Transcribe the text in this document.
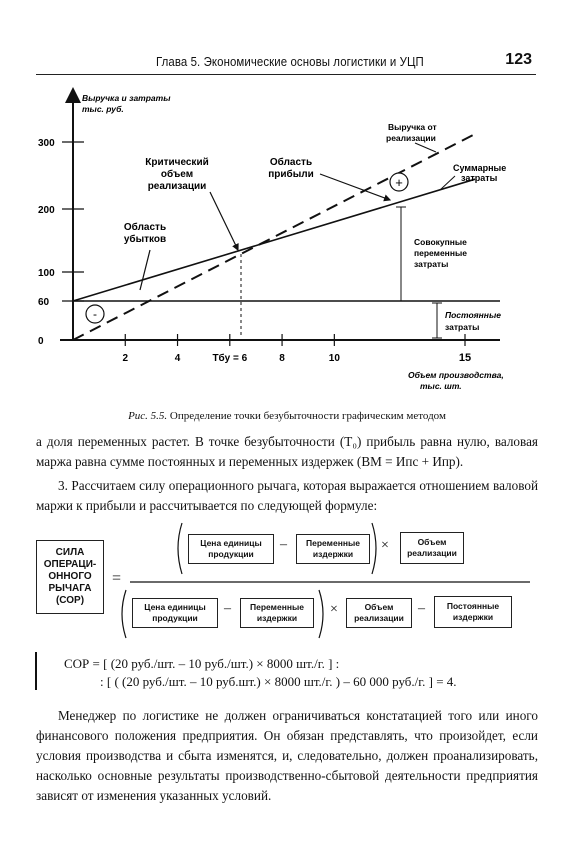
Глава 5. Экономические основы логистики и УЦП	123
Выручка и затраты
тыс. руб.
300
200
100
60
0
2	4	Tбу = 6	8	10	15
Выручка от
реализации
Суммарные
затраты
Критический
объем
реализации
Область
прибыли
Область
убытков	Совокупные
переменные
затраты
Постоянные
затраты
Объем производства,
тыс. шт.
+
-
Рис. 5.5. Определение точки безубыточности графическим методом
а доля переменных растет. В точке безубыточности (Т₀) прибыль равна нулю, валовая маржа равна сумме постоянных и переменных издержек (ВМ = Ипс + Ипр).
3. Рассчитаем силу операционного рычага, которая выражается отношением валовой маржи к прибыли и рассчитывается по следующей формуле:
СИЛА ОПЕРАЦИ-ОННОГО РЫЧАГА (СОР)
=
Цена единицы продукции
–	Переменные издержки
×	Объем реализации
Цена единицы продукции
–	Переменные издержки
×	Объем реализации
–	Постоянные издержки
СОР = [ (20 руб./шт. – 10 руб./шт.) × 8000 шт./г. ] :
: [ ( (20 руб./шт. – 10 руб.шт.) × 8000 шт./г. ) – 60 000 руб./г. ] = 4.
Менеджер по логистике не должен ограничиваться констатацией того или иного финансового положения предприятия. Он обязан представлять, что произойдет, если условия производства и сбыта изменятся, и, следовательно, должен проанализировать, насколько основные результаты производственно-сбытовой деятельности предприятия зависят от изменения указанных условий.
